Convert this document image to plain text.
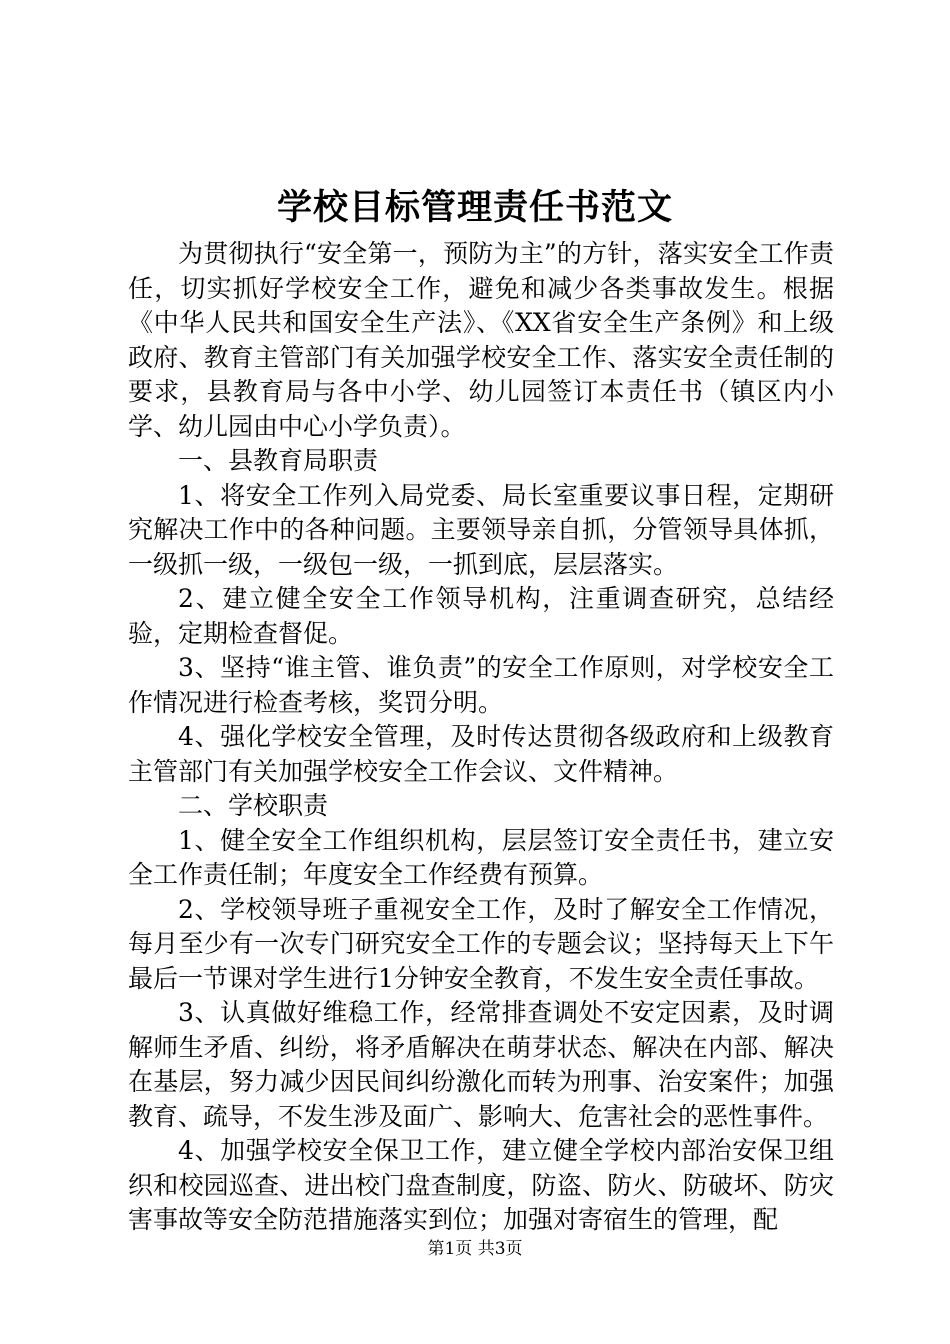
学校目标管理责任书范文

为贯彻执行“安全第一，预防为主”的方针，落实安全工作责任，切实抓好学校安全工作，避免和减少各类事故发生。根据《中华人民共和国安全生产法》、《XX省安全生产条例》和上级政府、教育主管部门有关加强学校安全工作、落实安全责任制的要求，县教育局与各中小学、幼儿园签订本责任书（镇区内小学、幼儿园由中心小学负责）。

一、县教育局职责

1、将安全工作列入局党委、局长室重要议事日程，定期研究解决工作中的各种问题。主要领导亲自抓，分管领导具体抓，一级抓一级，一级包一级，一抓到底，层层落实。

2、建立健全安全工作领导机构，注重调查研究，总结经验，定期检查督促。

3、坚持“谁主管、谁负责”的安全工作原则，对学校安全工作情况进行检查考核，奖罚分明。

4、强化学校安全管理，及时传达贯彻各级政府和上级教育主管部门有关加强学校安全工作会议、文件精神。

二、学校职责

1、健全安全工作组织机构，层层签订安全责任书，建立安全工作责任制；年度安全工作经费有预算。

2、学校领导班子重视安全工作，及时了解安全工作情况，每月至少有一次专门研究安全工作的专题会议；坚持每天上下午最后一节课对学生进行1分钟安全教育，不发生安全责任事故。

3、认真做好维稳工作，经常排查调处不安定因素，及时调解师生矛盾、纠纷，将矛盾解决在萌芽状态、解决在内部、解决在基层，努力减少因民间纠纷激化而转为刑事、治安案件；加强教育、疏导，不发生涉及面广、影响大、危害社会的恶性事件。

4、加强学校安全保卫工作，建立健全学校内部治安保卫组织和校园巡查、进出校门盘查制度，防盗、防火、防破坏、防灾害事故等安全防范措施落实到位；加强对寄宿生的管理，配

第1页 共3页
